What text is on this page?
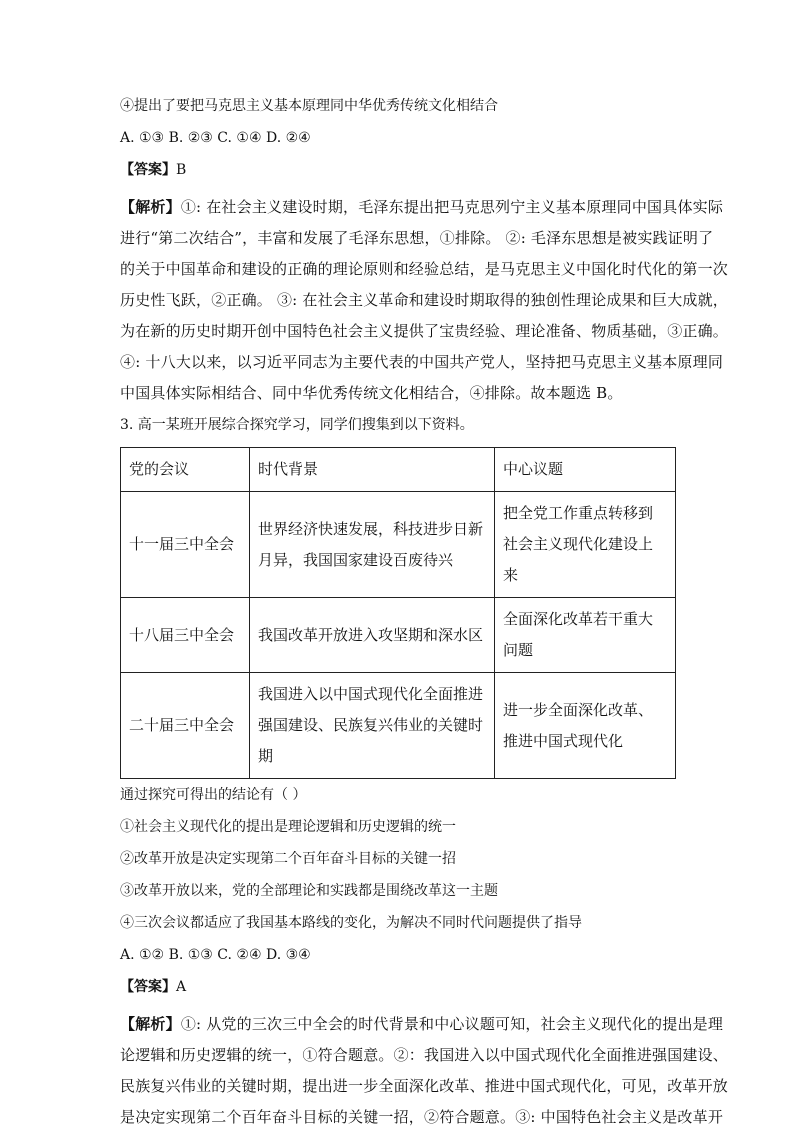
④提出了要把马克思主义基本原理同中华优秀传统文化相结合

A. ①③ B. ②③ C. ①④ D. ②④

【答案】B

【解析】①: 在社会主义建设时期，毛泽东提出把马克思列宁主义基本原理同中国具体实际
进行“第二次结合”，丰富和发展了毛泽东思想，①排除。 ②: 毛泽东思想是被实践证明了
的关于中国革命和建设的正确的理论原则和经验总结，是马克思主义中国化时代化的第一次
历史性飞跃，②正确。 ③: 在社会主义革命和建设时期取得的独创性理论成果和巨大成就，
为在新的历史时期开创中国特色社会主义提供了宝贵经验、理论准备、物质基础，③正确。
④: 十八大以来，以习近平同志为主要代表的中国共产党人，坚持把马克思主义基本原理同
中国具体实际相结合、同中华优秀传统文化相结合，④排除。故本题选 B。

3. 高一某班开展综合探究学习，同学们搜集到以下资料。

党的会议	时代背景	中心议题
十一届三中全会	世界经济快速发展，科技进步日新月异，我国国家建设百废待兴	把全党工作重点转移到社会主义现代化建设上来
十八届三中全会	我国改革开放进入攻坚期和深水区	全面深化改革若干重大问题
二十届三中全会	我国进入以中国式现代化全面推进强国建设、民族复兴伟业的关键时期	进一步全面深化改革、推进中国式现代化

通过探究可得出的结论有（ ）

①社会主义现代化的提出是理论逻辑和历史逻辑的统一

②改革开放是决定实现第二个百年奋斗目标的关键一招

③改革开放以来，党的全部理论和实践都是围绕改革这一主题

④三次会议都适应了我国基本路线的变化，为解决不同时代问题提供了指导

A. ①② B. ①③ C. ②④ D. ③④

【答案】A

【解析】①: 从党的三次三中全会的时代背景和中心议题可知，社会主义现代化的提出是理
论逻辑和历史逻辑的统一，①符合题意。②：我国进入以中国式现代化全面推进强国建设、
民族复兴伟业的关键时期，提出进一步全面深化改革、推进中国式现代化，可见，改革开放
是决定实现第二个百年奋斗目标的关键一招，②符合题意。③: 中国特色社会主义是改革开
